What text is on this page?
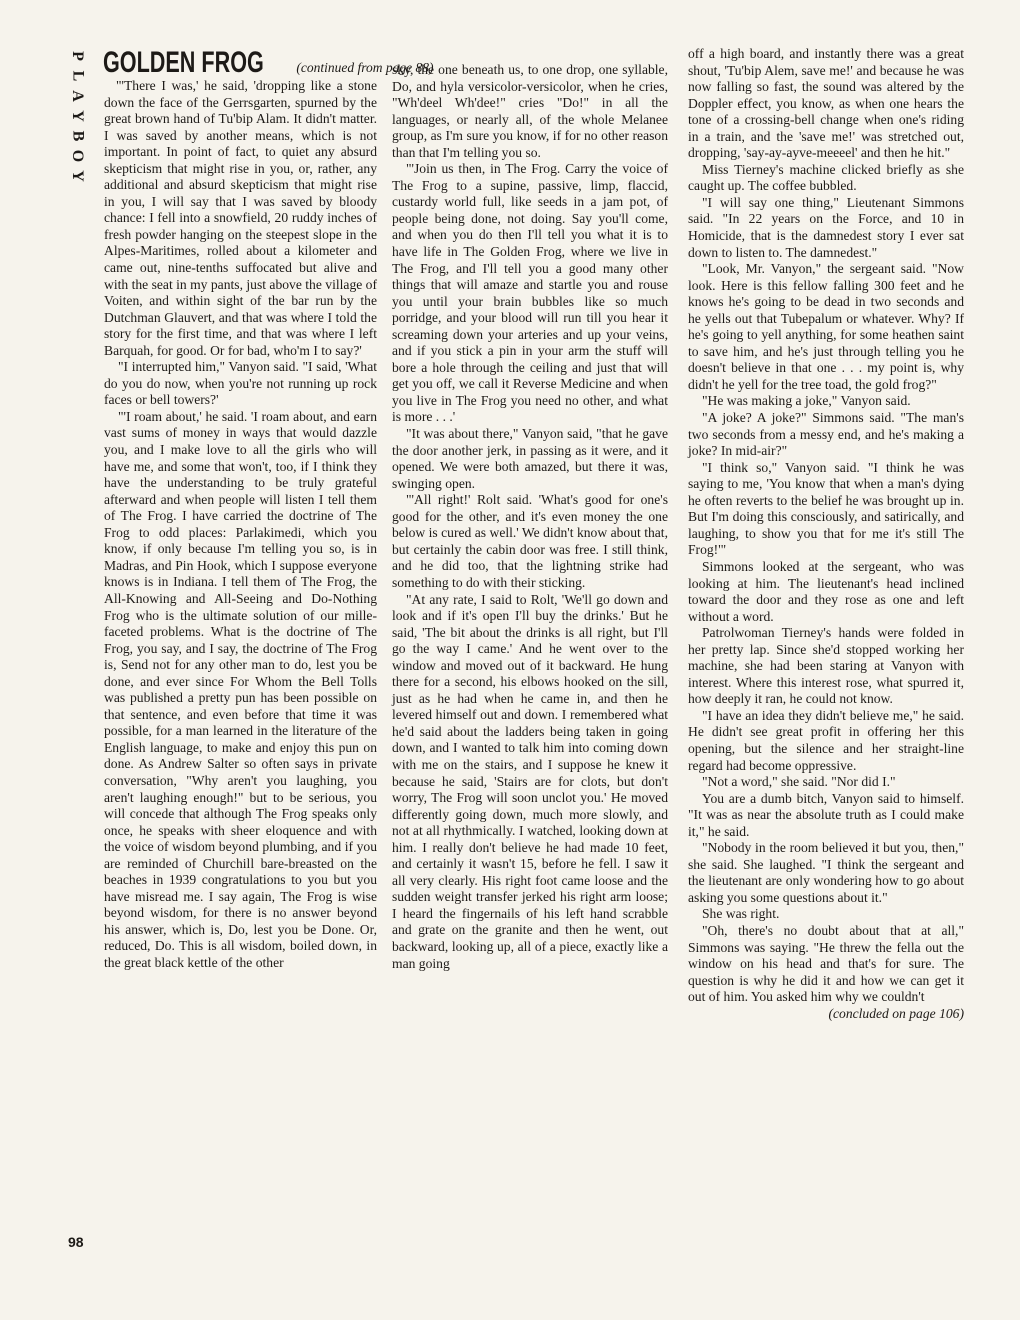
P
L
A
Y
B
O
Y
GOLDEN FROG (continued from page 88)

"'There I was,' he said, 'dropping like a stone down the face of the Gerrsgarten, spurned by the great brown hand of Tu'bip Alam. It didn't matter. I was saved by another means, which is not important. In point of fact, to quiet any absurd skepticism that might rise in you, or, rather, any additional and absurd skepticism that might rise in you, I will say that I was saved by bloody chance: I fell into a snowfield, 20 ruddy inches of fresh powder hanging on the steepest slope in the Alpes-Maritimes, rolled about a kilometer and came out, nine-tenths suffocated but alive and with the seat in my pants, just above the village of Voiten, and within sight of the bar run by the Dutchman Glauvert, and that was where I told the story for the first time, and that was where I left Barquah, for good. Or for bad, who'm I to say?'

"I interrupted him," Vanyon said. "I said, 'What do you do now, when you're not running up rock faces or bell towers?'

"'I roam about,' he said. 'I roam about, and earn vast sums of money in ways that would dazzle you, and I make love to all the girls who will have me, and some that won't, too, if I think they have the understanding to be truly grateful afterward and when people will listen I tell them of The Frog. I have carried the doctrine of The Frog to odd places: Parlakimedi, which you know, if only because I'm telling you so, is in Madras, and Pin Hook, which I suppose everyone knows is in Indiana. I tell them of The Frog, the All-Knowing and All-Seeing and Do-Nothing Frog who is the ultimate solution of our mille-faceted problems. What is the doctrine of The Frog, you say, and I say, the doctrine of The Frog is, Send not for any other man to do, lest you be done, and ever since For Whom the Bell Tolls was published a pretty pun has been possible on that sentence, and even before that time it was possible, for a man learned in the literature of the English language, to make and enjoy this pun on done. As Andrew Salter so often says in private conversation, "Why aren't you laughing, you aren't laughing enough!" but to be serious, you will concede that although The Frog speaks only once, he speaks with sheer eloquence and with the voice of wisdom beyond plumbing, and if you are reminded of Churchill bare-breasted on the beaches in 1939 congratulations to you but you have misread me. I say again, The Frog is wise beyond wisdom, for there is no answer beyond his answer, which is, Do, lest you be Done. Or, reduced, Do. This is all wisdom, boiled down, in the great black kettle of the other

sky, the one beneath us, to one drop, one syllable, Do, and hyla versicolor-versicolor, when he cries, "Wh'deel Wh'dee!" cries "Do!" in all the languages, or nearly all, of the whole Melanee group, as I'm sure you know, if for no other reason than that I'm telling you so.

"'Join us then, in The Frog. Carry the voice of The Frog to a supine, passive, limp, flaccid, custardy world full, like seeds in a jam pot, of people being done, not doing. Say you'll come, and when you do then I'll tell you what it is to have life in The Golden Frog, where we live in The Frog, and I'll tell you a good many other things that will amaze and startle you and rouse you until your brain bubbles like so much porridge, and your blood will run till you hear it screaming down your arteries and up your veins, and if you stick a pin in your arm the stuff will bore a hole through the ceiling and just that will get you off, we call it Reverse Medicine and when you live in The Frog you need no other, and what is more . . .'

"It was about there," Vanyon said, "that he gave the door another jerk, in passing as it were, and it opened. We were both amazed, but there it was, swinging open.

"'All right!' Rolt said. 'What's good for one's good for the other, and it's even money the one below is cured as well.' We didn't know about that, but certainly the cabin door was free. I still think, and he did too, that the lightning strike had something to do with their sticking.

"At any rate, I said to Rolt, 'We'll go down and look and if it's open I'll buy the drinks.' But he said, 'The bit about the drinks is all right, but I'll go the way I came.' And he went over to the window and moved out of it backward. He hung there for a second, his elbows hooked on the sill, just as he had when he came in, and then he levered himself out and down. I remembered what he'd said about the ladders being taken in going down, and I wanted to talk him into coming down with me on the stairs, and I suppose he knew it because he said, 'Stairs are for clots, but don't worry, The Frog will soon unclot you.' He moved differently going down, much more slowly, and not at all rhythmically. I watched, looking down at him. I really don't believe he had made 10 feet, and certainly it wasn't 15, before he fell. I saw it all very clearly. His right foot came loose and the sudden weight transfer jerked his right arm loose; I heard the fingernails of his left hand scrabble and grate on the granite and then he went, out backward, looking up, all of a piece, exactly like a man going

off a high board, and instantly there was a great shout, 'Tu'bip Alem, save me!' and because he was now falling so fast, the sound was altered by the Doppler effect, you know, as when one hears the tone of a crossing-bell change when one's riding in a train, and the 'save me!' was stretched out, dropping, 'say-ay-ayve-meeeel' and then he hit."

Miss Tierney's machine clicked briefly as she caught up. The coffee bubbled.

"I will say one thing," Lieutenant Simmons said. "In 22 years on the Force, and 10 in Homicide, that is the damnedest story I ever sat down to listen to. The damnedest."

"Look, Mr. Vanyon," the sergeant said. "Now look. Here is this fellow falling 300 feet and he knows he's going to be dead in two seconds and he yells out that Tubepalum or whatever. Why? If he's going to yell anything, for some heathen saint to save him, and he's just through telling you he doesn't believe in that one . . . my point is, why didn't he yell for the tree toad, the gold frog?"

"He was making a joke," Vanyon said.

"A joke? A joke?" Simmons said. "The man's two seconds from a messy end, and he's making a joke? In mid-air?"

"I think so," Vanyon said. "I think he was saying to me, 'You know that when a man's dying he often reverts to the belief he was brought up in. But I'm doing this consciously, and satirically, and laughing, to show you that for me it's still The Frog!'"

Simmons looked at the sergeant, who was looking at him. The lieutenant's head inclined toward the door and they rose as one and left without a word.

Patrolwoman Tierney's hands were folded in her pretty lap. Since she'd stopped working her machine, she had been staring at Vanyon with interest. Where this interest rose, what spurred it, how deeply it ran, he could not know.

"I have an idea they didn't believe me," he said. He didn't see great profit in offering her this opening, but the silence and her straight-line regard had become oppressive.

"Not a word," she said. "Nor did I."

You are a dumb bitch, Vanyon said to himself. "It was as near the absolute truth as I could make it," he said.

"Nobody in the room believed it but you, then," she said. She laughed. "I think the sergeant and the lieutenant are only wondering how to go about asking you some questions about it."

She was right.

"Oh, there's no doubt about that at all," Simmons was saying. "He threw the fella out the window on his head and that's for sure. The question is why he did it and how we can get it out of him. You asked him why we couldn't

(concluded on page 106)
98
